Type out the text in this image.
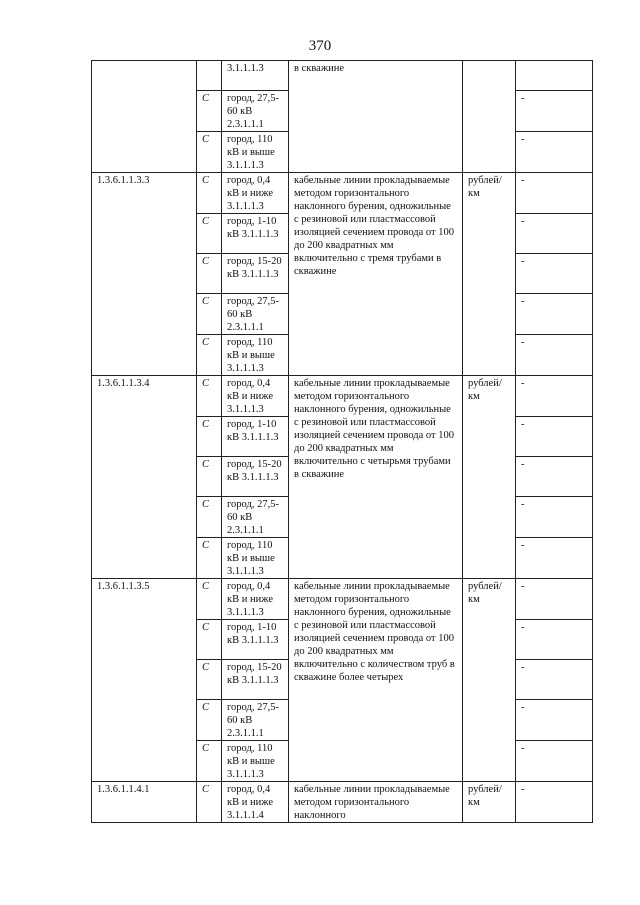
370
		3.1.1.1.3	в скважине		
	С	город, 27,5-60 кВ 2.3.1.1.1			-
	С	город, 110 кВ и выше 3.1.1.1.3			-
1.3.6.1.1.3.3	С	город, 0,4 кВ и ниже 3.1.1.1.3	кабельные линии прокладываемые методом горизонтального наклонного бурения, одножильные с резиновой или пластмассовой изоляцией сечением провода от 100 до 200 квадратных мм включительно с тремя трубами в скважине	рублей/ км	-
	С	город, 1-10 кВ 3.1.1.1.3			-
	С	город, 15-20 кВ 3.1.1.1.3			-
	С	город, 27,5-60 кВ 2.3.1.1.1			-
	С	город, 110 кВ и выше 3.1.1.1.3			-
1.3.6.1.1.3.4	С	город, 0,4 кВ и ниже 3.1.1.1.3	кабельные линии прокладываемые методом горизонтального наклонного бурения, одножильные с резиновой или пластмассовой изоляцией сечением провода от 100 до 200 квадратных мм включительно с четырьмя трубами в скважине	рублей/ км	-
	С	город, 1-10 кВ 3.1.1.1.3			-
	С	город, 15-20 кВ 3.1.1.1.3			-
	С	город, 27,5-60 кВ 2.3.1.1.1			-
	С	город, 110 кВ и выше 3.1.1.1.3			-
1.3.6.1.1.3.5	С	город, 0,4 кВ и ниже 3.1.1.1.3	кабельные линии прокладываемые методом горизонтального наклонного бурения, одножильные с резиновой или пластмассовой изоляцией сечением провода от 100 до 200 квадратных мм включительно с количеством труб в скважине более четырех	рублей/ км	-
	С	город, 1-10 кВ 3.1.1.1.3			-
	С	город, 15-20 кВ 3.1.1.1.3			-
	С	город, 27,5-60 кВ 2.3.1.1.1			-
	С	город, 110 кВ и выше 3.1.1.1.3			-
1.3.6.1.1.4.1	С	город, 0,4 кВ и ниже 3.1.1.1.4	кабельные линии прокладываемые методом горизонтального наклонного	рублей/ км	-
